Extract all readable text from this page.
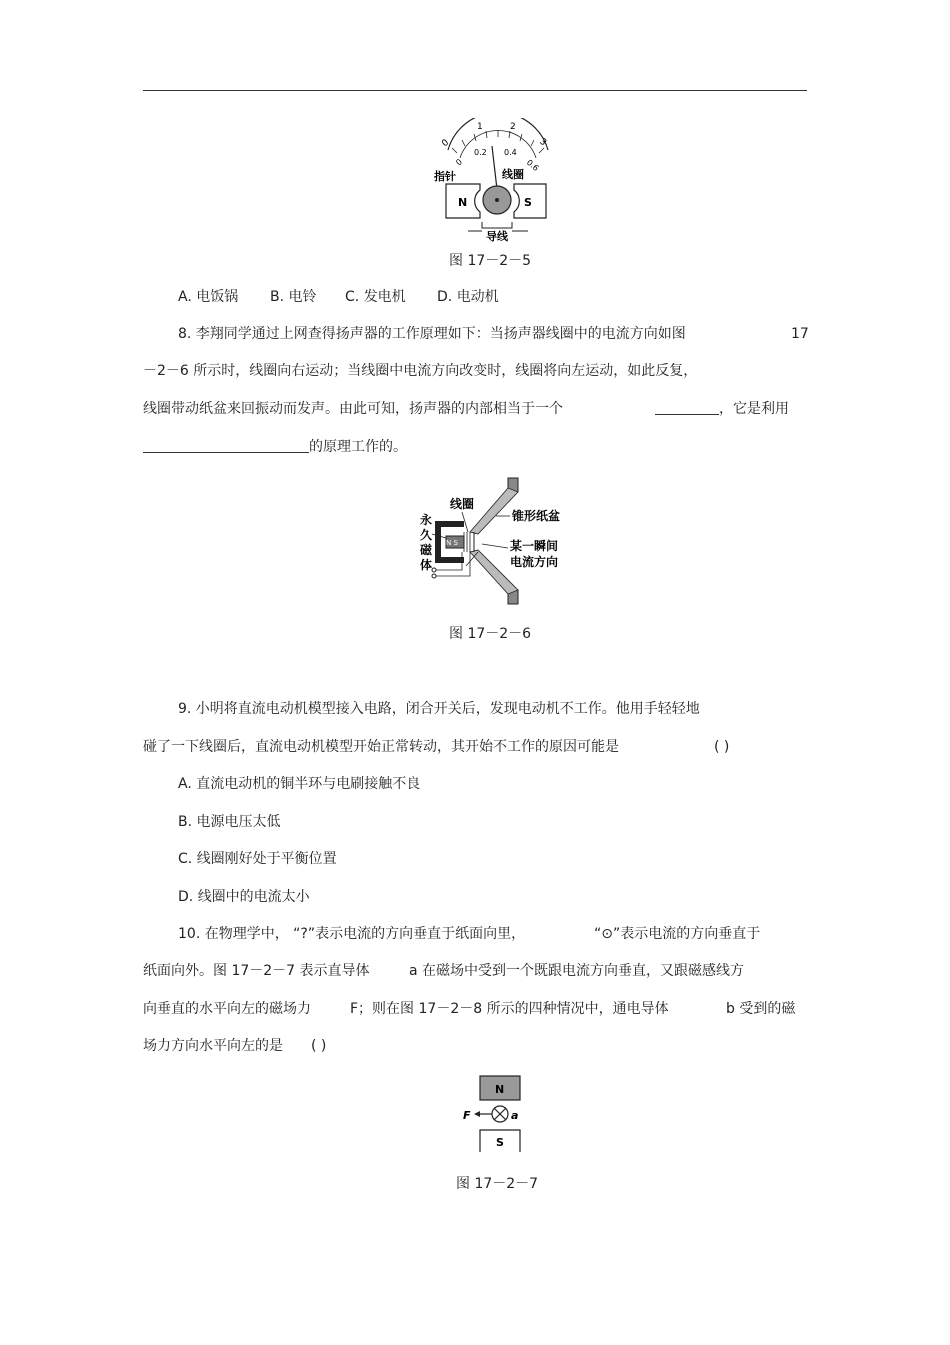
0
1	2
3
0
0.2 0.4
0.6
指针	线圈
N	S
导线
图 17－2－5
A. 电饭锅 B. 电铃 C. 发电机 D. 电动机
8. 李翔同学通过上网查得扬声器的工作原理如下：当扬声器线圈中的电流方向如图	17
－2－6 所示时，线圈向右运动；当线圈中电流方向改变时，线圈将向左运动，如此反复，
线圈带动纸盆来回振动而发声。由此可知，扬声器的内部相当于一个	，它是利用
的原理工作的。
N S
线圈
锥形纸盆
永
久
磁
体
某一瞬间
电流方向
图 17－2－6
9. 小明将直流电动机模型接入电路，闭合开关后，发现电动机不工作。他用手轻轻地
碰了一下线圈后，直流电动机模型开始正常转动，其开始不工作的原因可能是	( )
A. 直流电动机的铜半环与电刷接触不良
B. 电源电压太低
C. 线圈刚好处于平衡位置
D. 线圈中的电流太小
10. 在物理学中， “?”表示电流的方向垂直于纸面向里，	“⊙”表示电流的方向垂直于
纸面向外。图 17－2－7 表示直导体	a 在磁场中受到一个既跟电流方向垂直，又跟磁感线方
向垂直的水平向左的磁场力	F；则在图 17－2－8 所示的四种情况中，通电导体	b 受到的磁
场力方向水平向左的是 ( )
N
F	a
S
图 17－2－7
